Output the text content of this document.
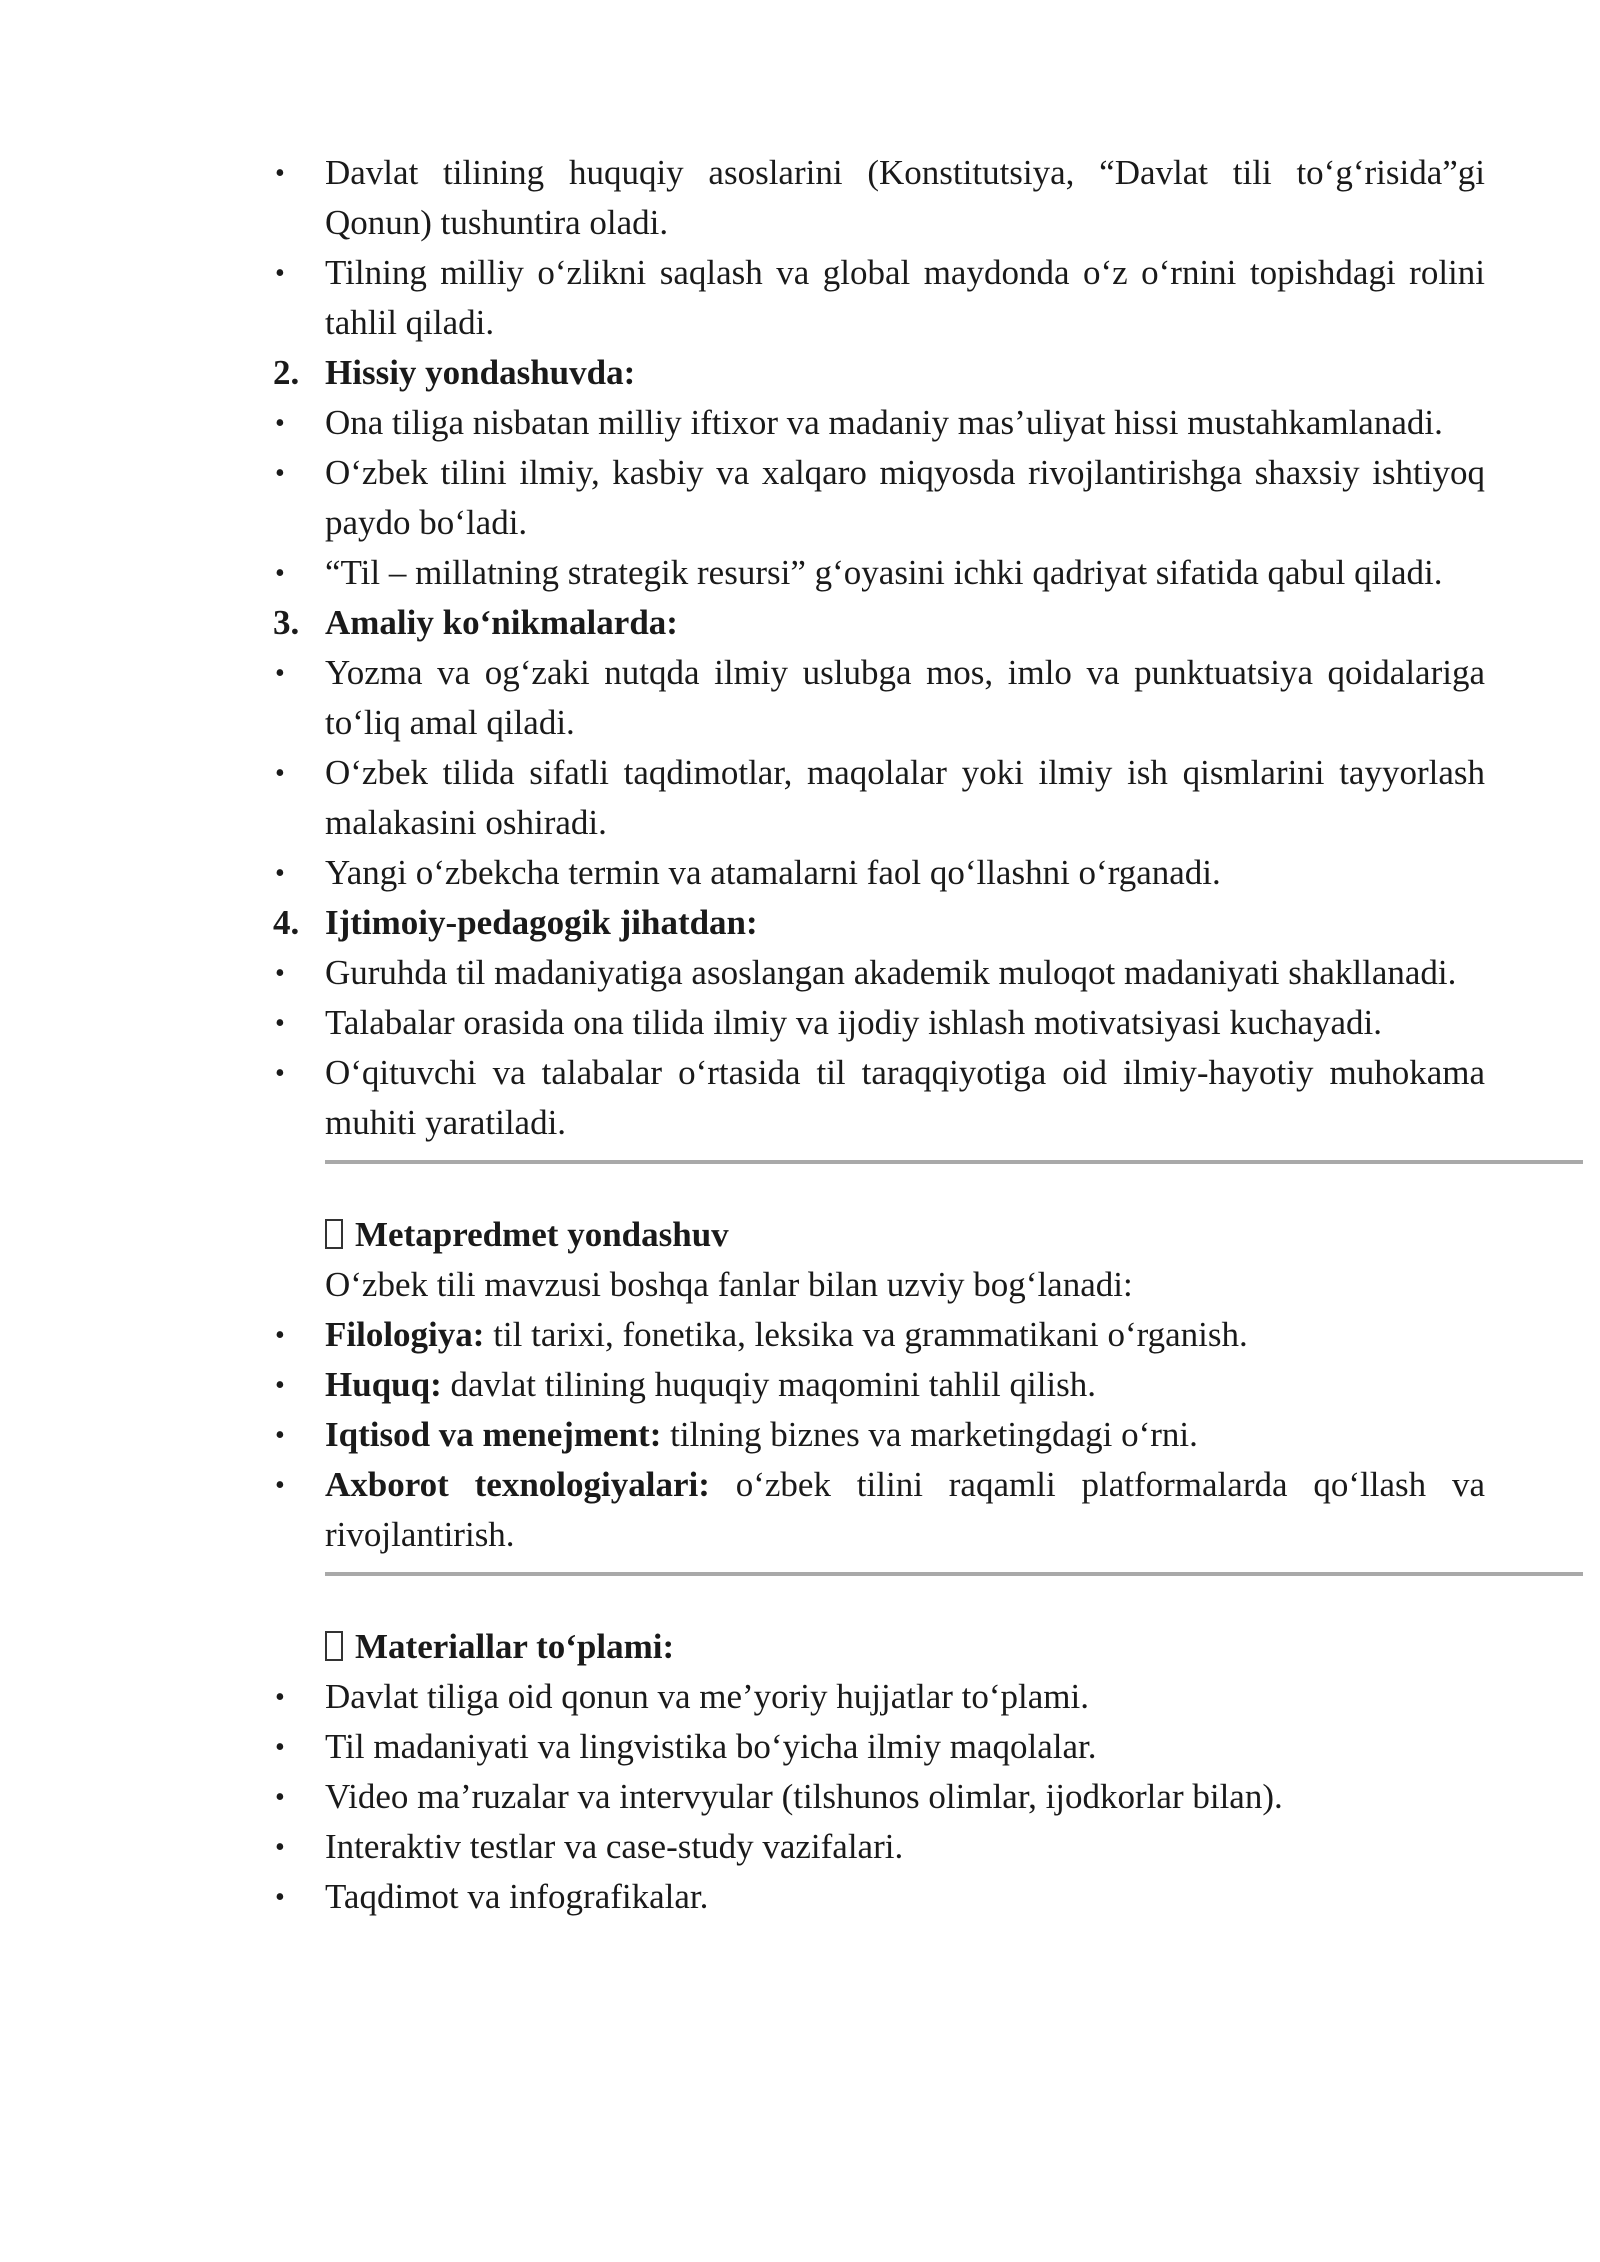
•	Davlat tilining huquqiy asoslarini (Konstitutsiya, “Davlat tili to‘g‘risida”gi Qonun) tushuntira oladi.
•	Tilning milliy o‘zlikni saqlash va global maydonda o‘z o‘rnini topishdagi rolini tahlil qiladi.
2. Hissiy yondashuvda:
•	Ona tiliga nisbatan milliy iftixor va madaniy mas’uliyat hissi mustahkamlanadi.
•	O‘zbek tilini ilmiy, kasbiy va xalqaro miqyosda rivojlantirishga shaxsiy ishtiyoq paydo bo‘ladi.
•	“Til – millatning strategik resursi” g‘oyasini ichki qadriyat sifatida qabul qiladi.
3. Amaliy ko‘nikmalarda:
•	Yozma va og‘zaki nutqda ilmiy uslubga mos, imlo va punktuatsiya qoidalariga to‘liq amal qiladi.
•	O‘zbek tilida sifatli taqdimotlar, maqolalar yoki ilmiy ish qismlarini tayyorlash malakasini oshiradi.
•	Yangi o‘zbekcha termin va atamalarni faol qo‘llashni o‘rganadi.
4. Ijtimoiy-pedagogik jihatdan:
•	Guruhda til madaniyatiga asoslangan akademik muloqot madaniyati shakllanadi.
•	Talabalar orasida ona tilida ilmiy va ijodiy ishlash motivatsiyasi kuchayadi.
•	O‘qituvchi va talabalar o‘rtasida til taraqqiyotiga oid ilmiy-hayotiy muhokama muhiti yaratiladi.
Metapredmet yondashuv
O‘zbek tili mavzusi boshqa fanlar bilan uzviy bog‘lanadi:
•	Filologiya: til tarixi, fonetika, leksika va grammatikani o‘rganish.
•	Huquq: davlat tilining huquqiy maqomini tahlil qilish.
•	Iqtisod va menejment: tilning biznes va marketingdagi o‘rni.
•	Axborot texnologiyalari: o‘zbek tilini raqamli platformalarda qo‘llash va rivojlantirish.
Materiallar to‘plami:
•	Davlat tiliga oid qonun va me’yoriy hujjatlar to‘plami.
•	Til madaniyati va lingvistika bo‘yicha ilmiy maqolalar.
•	Video ma’ruzalar va intervyular (tilshunos olimlar, ijodkorlar bilan).
•	Interaktiv testlar va case-study vazifalari.
•	Taqdimot va infografikalar.
